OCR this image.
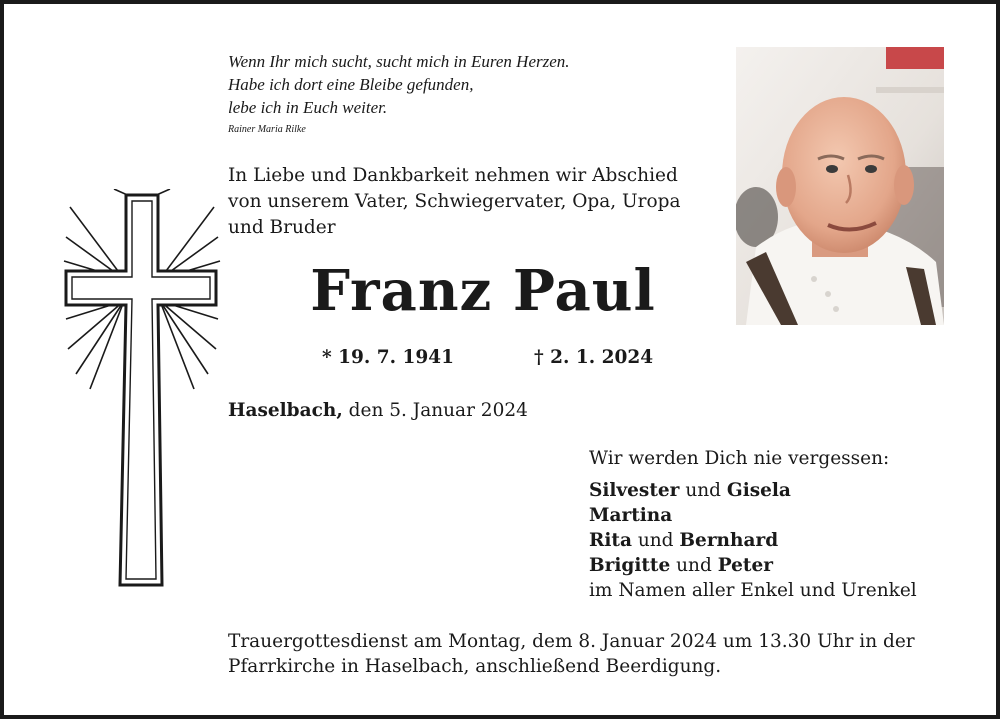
Wenn Ihr mich sucht, sucht mich in Euren Herzen.
Habe ich dort eine Bleibe gefunden,
lebe ich in Euch weiter.
Rainer Maria Rilke
In Liebe und Dankbarkeit nehmen wir Abschied
von unserem Vater, Schwiegervater, Opa, Uropa
und Bruder
Franz Paul
* 19. 7. 1941	† 2. 1. 2024
Haselbach, den 5. Januar 2024
Wir werden Dich nie vergessen:
Silvester und Gisela
Martina
Rita und Bernhard
Brigitte und Peter
im Namen aller Enkel und Urenkel
Trauergottesdienst am Montag, dem 8. Januar 2024 um 13.30 Uhr in der
Pfarrkirche in Haselbach, anschließend Beerdigung.
